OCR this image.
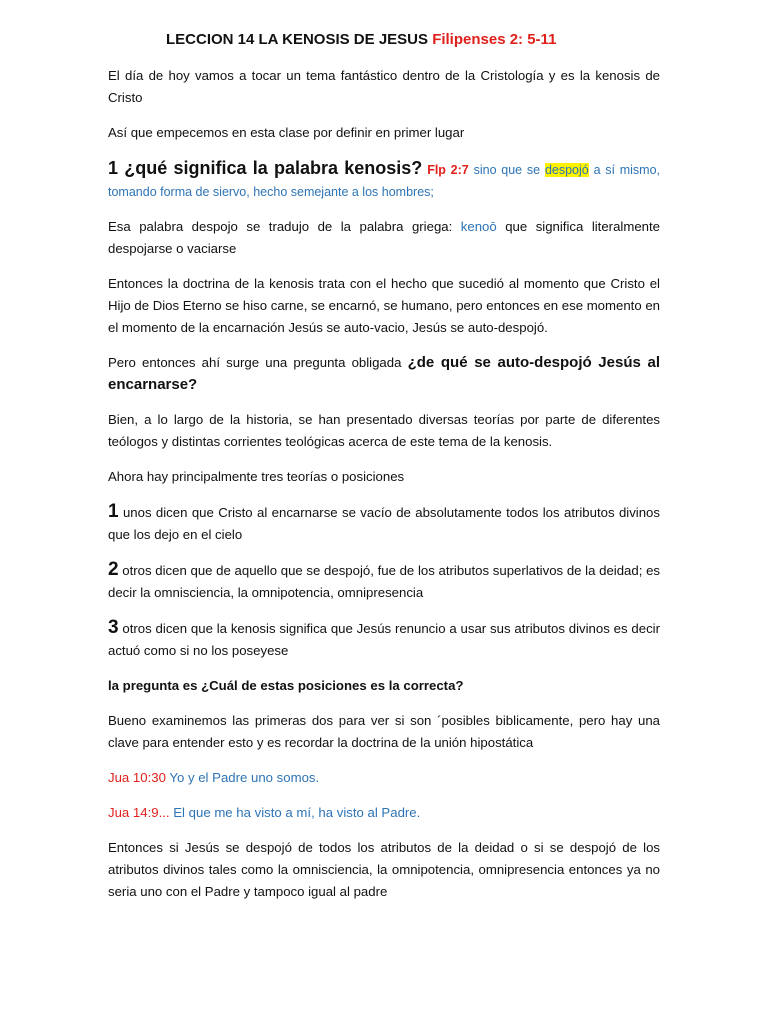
LECCION 14 LA KENOSIS DE JESUS Filipenses 2: 5-11

El día de hoy vamos a tocar un tema fantástico dentro de la Cristología y es la kenosis de Cristo

Así que empecemos en esta clase por definir en primer lugar

1 ¿qué significa la palabra kenosis? Flp 2:7 sino que se despojó a sí mismo, tomando forma de siervo, hecho semejante a los hombres;

Esa palabra despojo se tradujo de la palabra griega: kenoō que significa literalmente despojarse o vaciarse

Entonces la doctrina de la kenosis trata con el hecho que sucedió al momento que Cristo el Hijo de Dios Eterno se hiso carne, se encarnó, se humano, pero entonces en ese momento en el momento de la encarnación Jesús se auto-vacio, Jesús se auto-despojó.

Pero entonces ahí surge una pregunta obligada ¿de qué se auto-despojó Jesús al encarnarse?

Bien, a lo largo de la historia, se han presentado diversas teorías por parte de diferentes teólogos y distintas corrientes teológicas acerca de este tema de la kenosis.

Ahora hay principalmente tres teorías o posiciones

1 unos dicen que Cristo al encarnarse se vacío de absolutamente todos los atributos divinos que los dejo en el cielo

2 otros dicen que de aquello que se despojó, fue de los atributos superlativos de la deidad; es decir la omnisciencia, la omnipotencia, omnipresencia

3 otros dicen que la kenosis significa que Jesús renuncio a usar sus atributos divinos es decir actuó como si no los poseyese

la pregunta es ¿Cuál de estas posiciones es la correcta?

Bueno examinemos las primeras dos para ver si son ´posibles biblicamente, pero hay una clave para entender esto y es recordar la doctrina de la unión hipostática

Jua 10:30 Yo y el Padre uno somos.

Jua 14:9... El que me ha visto a mí, ha visto al Padre.

Entonces si Jesús se despojó de todos los atributos de la deidad o si se despojó de los atributos divinos tales como la omnisciencia, la omnipotencia, omnipresencia entonces ya no seria uno con el Padre y tampoco igual al padre
